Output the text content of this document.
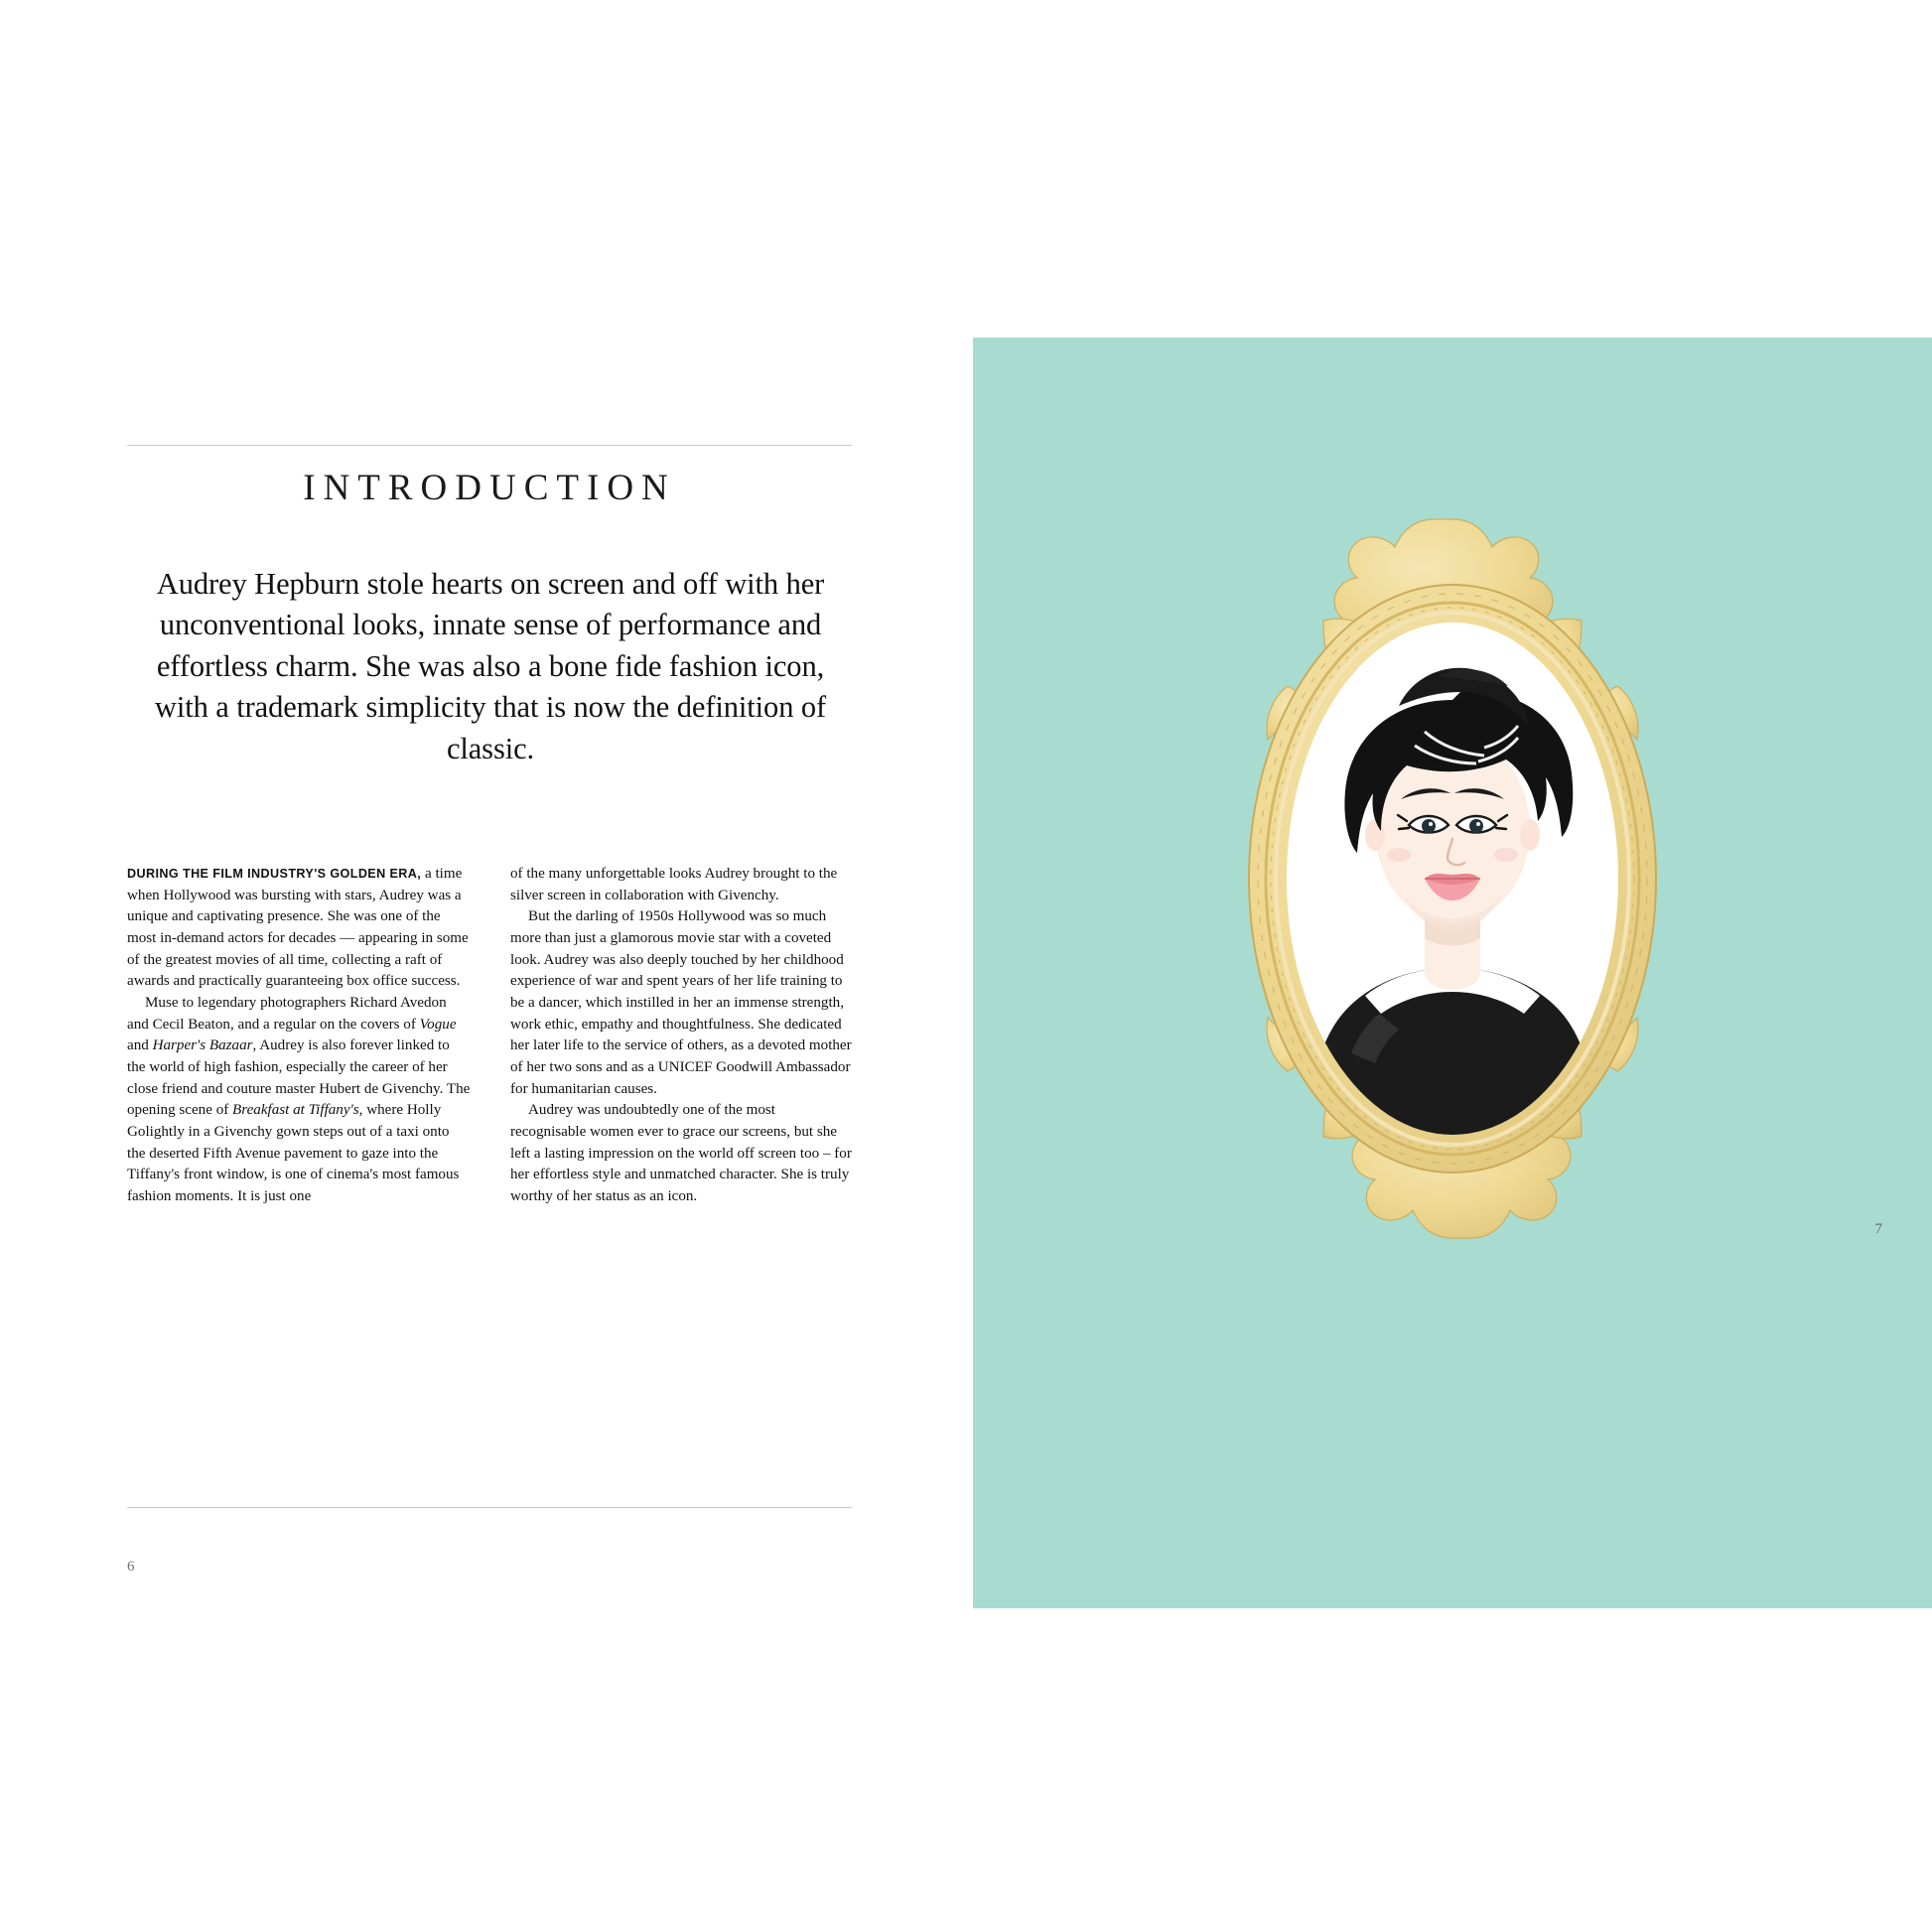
INTRODUCTION
Audrey Hepburn stole hearts on screen and off with her unconventional looks, innate sense of performance and effortless charm. She was also a bone fide fashion icon, with a trademark simplicity that is now the definition of classic.

DURING THE FILM INDUSTRY'S GOLDEN ERA, a time when Hollywood was bursting with stars, Audrey was a unique and captivating presence. She was one of the most in-demand actors for decades — appearing in some of the greatest movies of all time, collecting a raft of awards and practically guaranteeing box office success.

Muse to legendary photographers Richard Avedon and Cecil Beaton, and a regular on the covers of Vogue and Harper's Bazaar, Audrey is also forever linked to the world of high fashion, especially the career of her close friend and couture master Hubert de Givenchy. The opening scene of Breakfast at Tiffany's, where Holly Golightly in a Givenchy gown steps out of a taxi onto the deserted Fifth Avenue pavement to gaze into the Tiffany's front window, is one of cinema's most famous fashion moments. It is just one

of the many unforgettable looks Audrey brought to the silver screen in collaboration with Givenchy.

But the darling of 1950s Hollywood was so much more than just a glamorous movie star with a coveted look. Audrey was also deeply touched by her childhood experience of war and spent years of her life training to be a dancer, which instilled in her an immense strength, work ethic, empathy and thoughtfulness. She dedicated her later life to the service of others, as a devoted mother of her two sons and as a UNICEF Goodwill Ambassador for humanitarian causes.

Audrey was undoubtedly one of the most recognisable women ever to grace our screens, but she left a lasting impression on the world off screen too – for her effortless style and unmatched character. She is truly worthy of her status as an icon.

6
7
